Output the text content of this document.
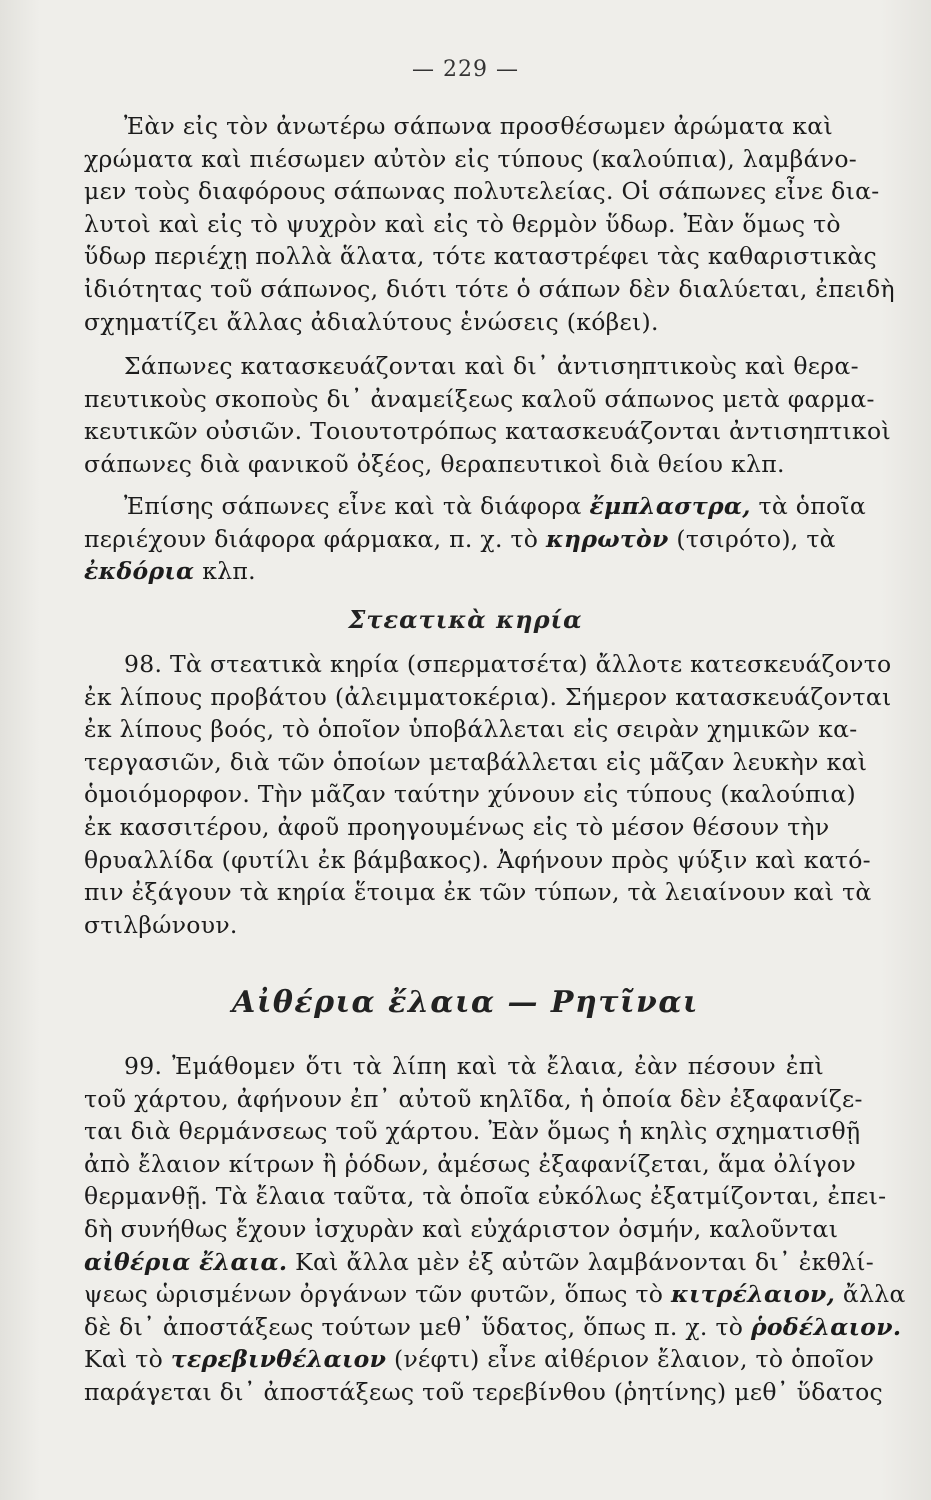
— 229 —
Ἐὰν εἰς τὸν ἀνωτέρω σάπωνα προσθέσωμεν ἀρώματα καὶ
χρώματα καὶ πιέσωμεν αὐτὸν εἰς τύπους (καλούπια), λαμβάνο-
μεν τοὺς διαφόρους σάπωνας πολυτελείας. Οἱ σάπωνες εἶνε δια-
λυτοὶ καὶ εἰς τὸ ψυχρὸν καὶ εἰς τὸ θερμὸν ὕδωρ. Ἐὰν ὅμως τὸ
ὕδωρ περιέχῃ πολλὰ ἅλατα, τότε καταστρέφει τὰς καθαριστικὰς
ἰδιότητας τοῦ σάπωνος, διότι τότε ὁ σάπων δὲν διαλύεται, ἐπειδὴ
σχηματίζει ἄλλας ἀδιαλύτους ἑνώσεις (κόβει).
Σάπωνες κατασκευάζονται καὶ δι᾿ ἀντισηπτικοὺς καὶ θερα-
πευτικοὺς σκοποὺς δι᾿ ἀναμείξεως καλοῦ σάπωνος μετὰ φαρμα-
κευτικῶν οὐσιῶν. Τοιουτοτρόπως κατασκευάζονται ἀντισηπτικοὶ
σάπωνες διὰ φανικοῦ ὀξέος, θεραπευτικοὶ διὰ θείου κλπ.
Ἐπίσης σάπωνες εἶνε καὶ τὰ διάφορα ἔμπλαστρα, τὰ ὁποῖα
περιέχουν διάφορα φάρμακα, π. χ. τὸ κηρωτὸν (τσιρότο), τὰ
ἐκδόρια κλπ.
Στεατικὰ κηρία
98. Τὰ στεατικὰ κηρία (σπερματσέτα) ἄλλοτε κατεσκευάζοντο
ἐκ λίπους προβάτου (ἀλειμματοκέρια). Σήμερον κατασκευάζονται
ἐκ λίπους βοός, τὸ ὁποῖον ὑποβάλλεται εἰς σειρὰν χημικῶν κα-
τεργασιῶν, διὰ τῶν ὁποίων μεταβάλλεται εἰς μᾶζαν λευκὴν καὶ
ὁμοιόμορφον. Τὴν μᾶζαν ταύτην χύνουν εἰς τύπους (καλούπια)
ἐκ κασσιτέρου, ἀφοῦ προηγουμένως εἰς τὸ μέσον θέσουν τὴν
θρυαλλίδα (φυτίλι ἐκ βάμβακος). Ἀφήνουν πρὸς ψύξιν καὶ κατό-
πιν ἐξάγουν τὰ κηρία ἕτοιμα ἐκ τῶν τύπων, τὰ λειαίνουν καὶ τὰ
στιλβώνουν.
Αἰθέρια ἔλαια — Ρητῖναι
99. Ἐμάθομεν ὅτι τὰ λίπη καὶ τὰ ἔλαια, ἐὰν πέσουν ἐπὶ
τοῦ χάρτου, ἀφήνουν ἐπ᾿ αὐτοῦ κηλῖδα, ἡ ὁποία δὲν ἐξαφανίζε-
ται διὰ θερμάνσεως τοῦ χάρτου. Ἐὰν ὅμως ἡ κηλὶς σχηματισθῇ
ἀπὸ ἔλαιον κίτρων ἢ ῥόδων, ἀμέσως ἐξαφανίζεται, ἅμα ὀλίγον
θερμανθῇ. Τὰ ἔλαια ταῦτα, τὰ ὁποῖα εὐκόλως ἐξατμίζονται, ἐπει-
δὴ συνήθως ἔχουν ἰσχυρὰν καὶ εὐχάριστον ὀσμήν, καλοῦνται
αἰθέρια ἔλαια. Καὶ ἄλλα μὲν ἐξ αὐτῶν λαμβάνονται δι᾿ ἐκθλί-
ψεως ὡρισμένων ὀργάνων τῶν φυτῶν, ὅπως τὸ κιτρέλαιον, ἄλλα
δὲ δι᾿ ἀποστάξεως τούτων μεθ᾿ ὕδατος, ὅπως π. χ. τὸ ῥοδέλαιον.
Καὶ τὸ τερεβινθέλαιον (νέφτι) εἶνε αἰθέριον ἔλαιον, τὸ ὁποῖον
παράγεται δι᾿ ἀποστάξεως τοῦ τερεβίνθου (ῥητίνης) μεθ᾿ ὕδατος
